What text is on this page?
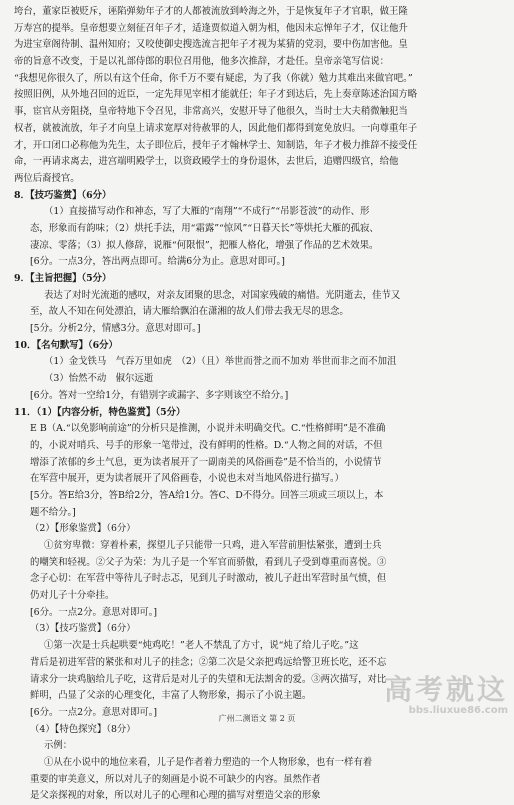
垮台，董家臣被贬斥，诬陷弹劾年子才的人都被流放到岭海之外，于是恢复年子才官职，做王隆
万寿宫的提举。皇帝想要立刻征召年子才，适逢贾似道入朝为相，他因未忘惮年子才，仅让他升
为进宝章阁待制、温州知府；又咬使御史搜选流言把年子才视为某猜的党羽，要中伤加害他。皇
帝的旨意不改变，于是以礼部侍郎的职位召用他，他多次推辞，才赴任。皇帝亲笔写信说：
“我想见你很久了，所以有这个任命，你千万不要有疑虑，为了我（你就）勉力其难出来做官吧。”
按照旧例，从外地召回的近臣，一定先拜见宰相才能就任；年子才到达后，先上奏章陈述治国方略
事，宦官从旁阻挠，皇帝特地下令召见，非常高兴，安慰开导了他很久，当时士大夫稍微触犯当
权者，就被流放，年子才向皇上请求宽厚对待赦罪的人，因此他们都得到宽免放归。一向尊重年子
才，开口闭口必称他为先生，太子即位后，授年子才翰林学士、知制诰，年子才极力推辞不接受任
命，一再请求离去，进宫端明殿学士，以资政殿学士的身份退休，去世后，追赠四级官，给他
两位后裔授官。
8．【技巧鉴赏】（6分）
（1）直接描写动作和神态，写了大雁的“南翔”“不成行”“吊影苍波”的动作、形
态，形象而有韵味；（2）烘托手法，用“霜露”“惊风”“日暮天长”等烘托大雁的孤寂、
凄凉、零落；（3）拟人修辞，说雁“何限恨”，把雁人格化，增强了作品的艺术效果。
[6分。一点3分，答出两点即可。给满6分为止。意思对即可。]
9．【主旨把握】（5分）
表达了对时光流逝的感叹，对亲友团聚的思念，对国家残破的痛惜。光阴逝去，佳节又
至，故人不知在何处漂泊，请大雁给飘泊在潇湘的故人们带去我无尽的思念。
[5分。分析2分，情感3分。意思对即可。]
10．【名句默写】（6分）
（1）金戈铁马　气吞万里如虎　（2）（且）举世而誉之而不加劝 举世而非之而不加沮
（3）怡然不动　俶尔远逝
[6分。答对一空给1分，有错别字或漏字、多字则该空不给分。]
11．（1）【内容分析，特色鉴赏】（5分）
E B（A.“以免影响前途”的分析只是推测，小说并未明确交代。C.“性格鲜明”是不准确
的，小说对哨兵、号手的形象一笔带过，没有鲜明的性格。D.“人物之间的对话，不但
增添了浓郁的乡土气息，更为读者展开了一副南美的风俗画卷”是不恰当的，小说情节
在军营中展开，更为读者展开了风俗画卷，小说也未对当地风俗进行描写。）
[5分。答E给3分，答B给2分，答A给1分。答C、D不得分。回答三项或三项以上，本
题不给分。]
（2）【形象鉴赏】（6分）
①贫穷卑微：穿着朴素，探望儿子只能带一只鸡，进入军营前胆怯紧张，遭到士兵
的嘲笑和轻视。②父子为荣：为儿子是一个军官而骄傲，看到儿子受到尊重而喜悦。③
念子心切：在军营中等待儿子时忐忑，见到儿子时激动，被儿子赶出军营时虽气愤，但
仍对儿子十分牵挂。
[6分。一点2分。意思对即可。]
（3）【技巧鉴赏】（6分）
①第一次是士兵起哄要“炖鸡吃！”老人不禁乱了方寸，说“炖了给儿子吃。”这
背后是初进军营的紧张和对儿子的挂念；②第二次是父亲把鸡远给警卫班长吃，还不忘
请求分一块鸡脑给儿子吃，这背后是对儿子的失望和无法割舍的爱。③两次描写，对比
鲜明，凸显了父亲的心理变化，丰富了人物形象，揭示了小说主题。
[6分。一点2分。意思对即可。]
（4）【特色探究】（8分）
示例：
①从在小说中的地位来看，儿子是作者着力塑造的一个人物形象，也有一样有着
重要的审美意义，所以对儿子的刻画是小说不可缺少的内容。虽然作者
是父亲探视的对象，所以对儿子的心理和心理的描写对塑造父亲的形象
广州二测语文 第 2 页
高考就这
bbs.liuxue86.com
